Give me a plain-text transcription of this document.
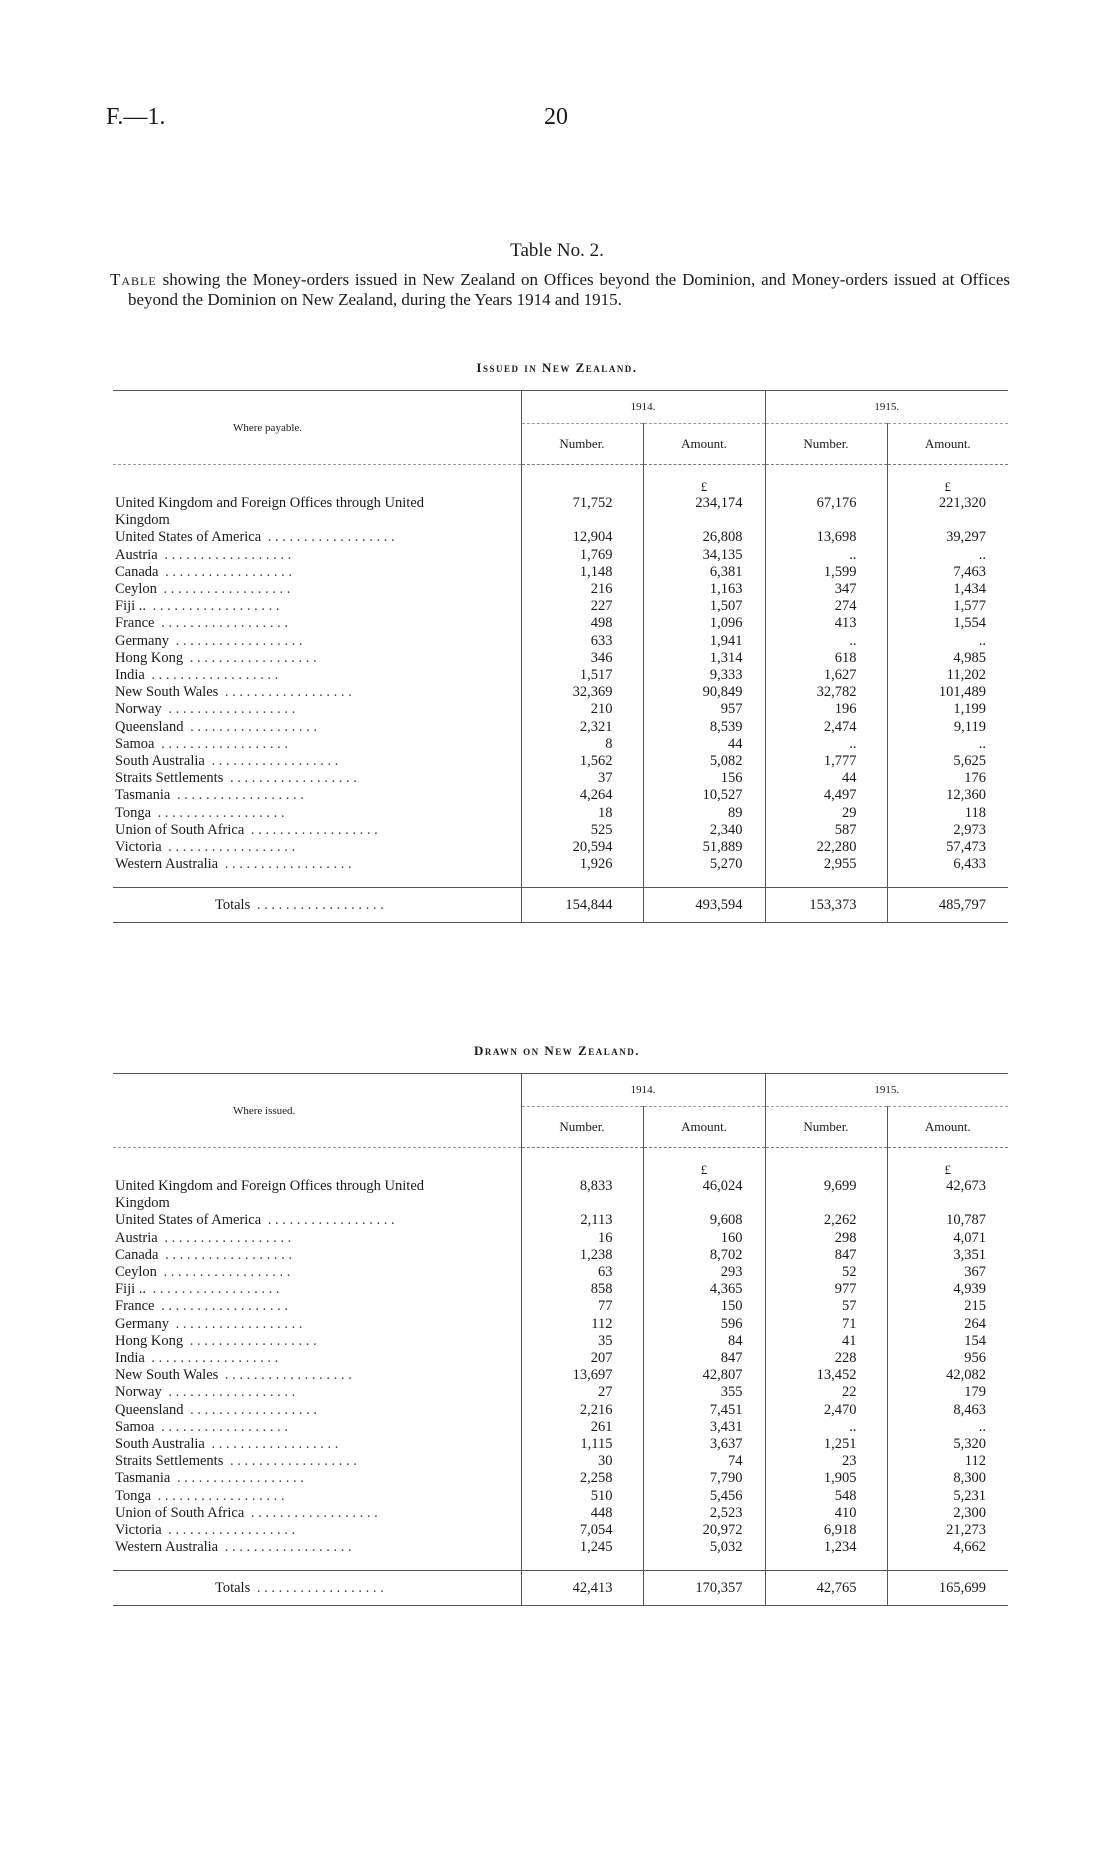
F.—1.	20
Table No. 2.
Table showing the Money-orders issued in New Zealand on Offices beyond the Dominion, and Money-orders issued at Offices beyond the Dominion on New Zealand, during the Years 1914 and 1915.
Issued in New Zealand.
Where payable.	1914.		1915.	
	Number.	Amount.	Number.	Amount.
		£		£

United Kingdom and Foreign Offices through United
Kingdom	71,752	234,174	67,176	221,320
United States of America . . . . . . . . . . . . . . . . . .	12,904	26,808	13,698	39,297
Austria . . . . . . . . . . . . . . . . . .	1,769	34,135	..	..
Canada . . . . . . . . . . . . . . . . . .	1,148	6,381	1,599	7,463
Ceylon . . . . . . . . . . . . . . . . . .	216	1,163	347	1,434
Fiji .. . . . . . . . . . . . . . . . . . .	227	1,507	274	1,577
France . . . . . . . . . . . . . . . . . .	498	1,096	413	1,554
Germany . . . . . . . . . . . . . . . . . .	633	1,941	..	..
Hong Kong . . . . . . . . . . . . . . . . . .	346	1,314	618	4,985
India . . . . . . . . . . . . . . . . . .	1,517	9,333	1,627	11,202
New South Wales . . . . . . . . . . . . . . . . . .	32,369	90,849	32,782	101,489
Norway . . . . . . . . . . . . . . . . . .	210	957	196	1,199
Queensland . . . . . . . . . . . . . . . . . .	2,321	8,539	2,474	9,119
Samoa . . . . . . . . . . . . . . . . . .	8	44	..	..
South Australia . . . . . . . . . . . . . . . . . .	1,562	5,082	1,777	5,625
Straits Settlements . . . . . . . . . . . . . . . . . .	37	156	44	176
Tasmania . . . . . . . . . . . . . . . . . .	4,264	10,527	4,497	12,360
Tonga . . . . . . . . . . . . . . . . . .	18	89	29	118
Union of South Africa . . . . . . . . . . . . . . . . . .	525	2,340	587	2,973
Victoria . . . . . . . . . . . . . . . . . .	20,594	51,889	22,280	57,473
Western Australia . . . . . . . . . . . . . . . . . .	1,926	5,270	2,955	6,433

Totals . . . . . . . . . . . . . . . . . .	154,844	493,594	153,373	485,797
Drawn on New Zealand.
Where issued.	1914.		1915.	
	Number.	Amount.	Number.	Amount.
		£		£

United Kingdom and Foreign Offices through United
Kingdom	8,833	46,024	9,699	42,673
United States of America . . . . . . . . . . . . . . . . . .	2,113	9,608	2,262	10,787
Austria . . . . . . . . . . . . . . . . . .	16	160	298	4,071
Canada . . . . . . . . . . . . . . . . . .	1,238	8,702	847	3,351
Ceylon . . . . . . . . . . . . . . . . . .	63	293	52	367
Fiji .. . . . . . . . . . . . . . . . . . .	858	4,365	977	4,939
France . . . . . . . . . . . . . . . . . .	77	150	57	215
Germany . . . . . . . . . . . . . . . . . .	112	596	71	264
Hong Kong . . . . . . . . . . . . . . . . . .	35	84	41	154
India . . . . . . . . . . . . . . . . . .	207	847	228	956
New South Wales . . . . . . . . . . . . . . . . . .	13,697	42,807	13,452	42,082
Norway . . . . . . . . . . . . . . . . . .	27	355	22	179
Queensland . . . . . . . . . . . . . . . . . .	2,216	7,451	2,470	8,463
Samoa . . . . . . . . . . . . . . . . . .	261	3,431	..	..
South Australia . . . . . . . . . . . . . . . . . .	1,115	3,637	1,251	5,320
Straits Settlements . . . . . . . . . . . . . . . . . .	30	74	23	112
Tasmania . . . . . . . . . . . . . . . . . .	2,258	7,790	1,905	8,300
Tonga . . . . . . . . . . . . . . . . . .	510	5,456	548	5,231
Union of South Africa . . . . . . . . . . . . . . . . . .	448	2,523	410	2,300
Victoria . . . . . . . . . . . . . . . . . .	7,054	20,972	6,918	21,273
Western Australia . . . . . . . . . . . . . . . . . .	1,245	5,032	1,234	4,662

Totals . . . . . . . . . . . . . . . . . .	42,413	170,357	42,765	165,699
